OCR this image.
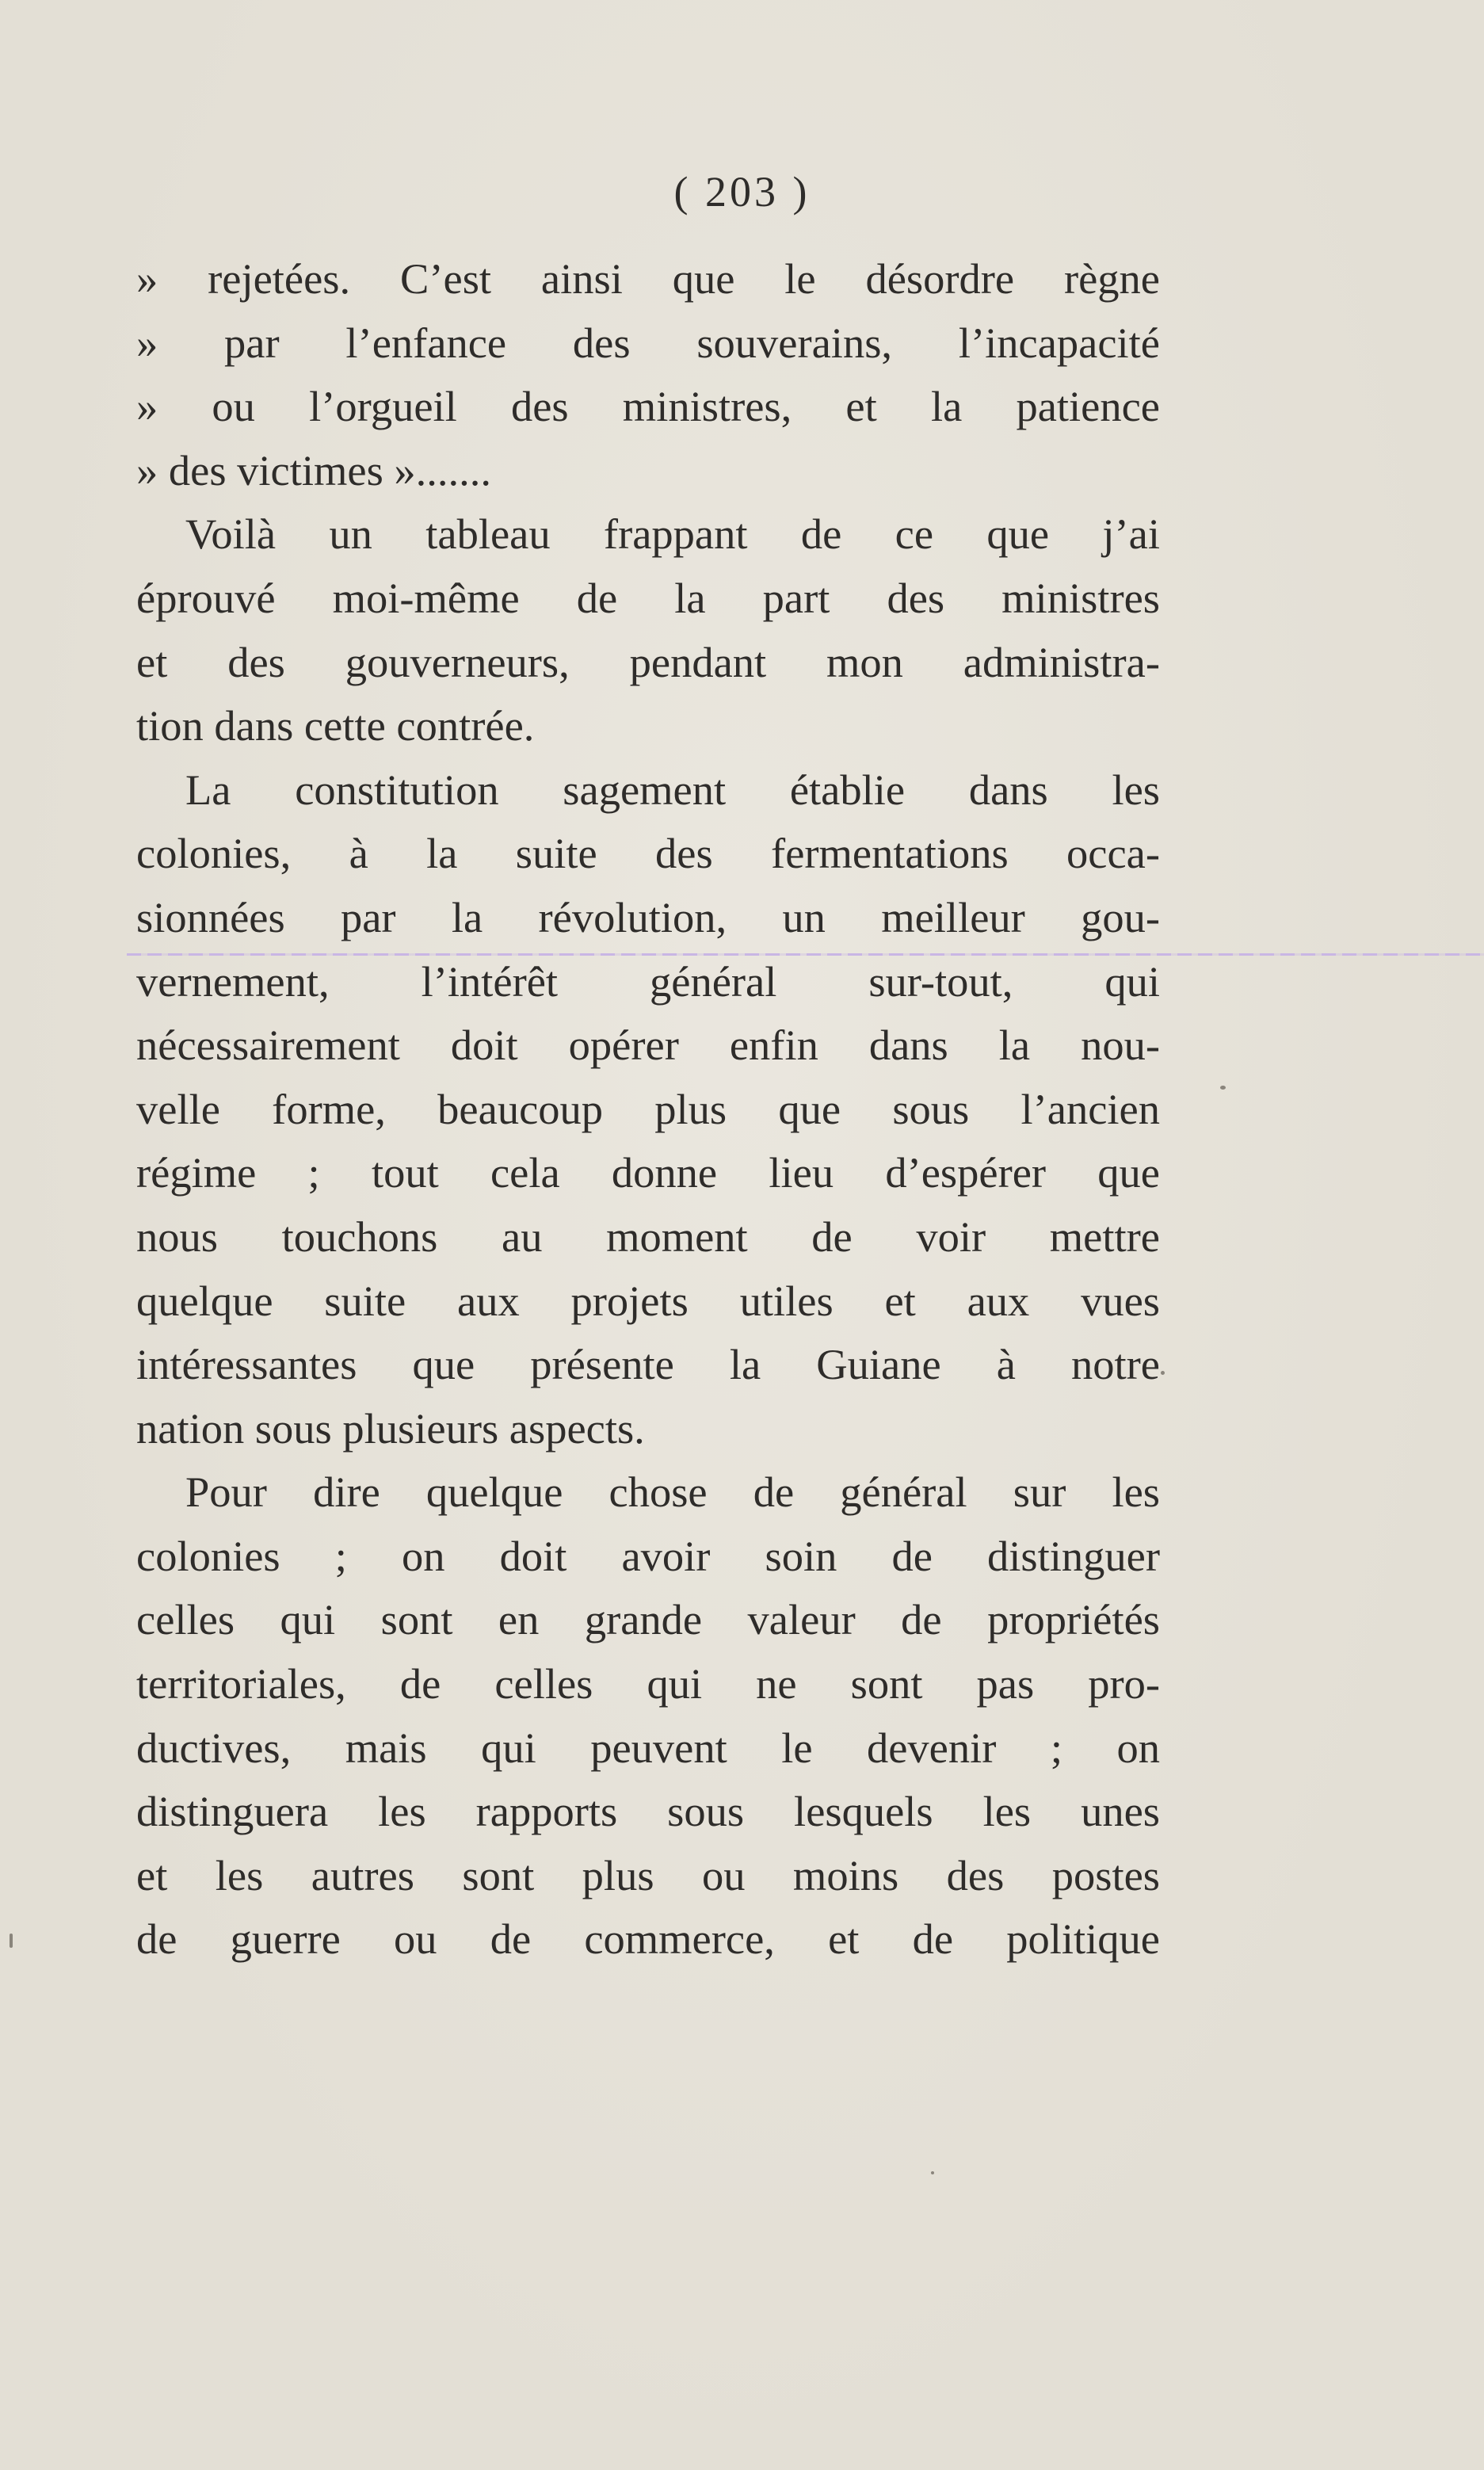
( 203 )
» rejetées. C’est ainsi que le désordre règne
» par l’enfance des souverains, l’incapacité
» ou l’orgueil des ministres, et la patience
» des victimes ».......
Voilà un tableau frappant de ce que j’ai
éprouvé moi-même de la part des ministres
et des gouverneurs, pendant mon administra-
tion dans cette contrée.
La constitution sagement établie dans les
colonies, à la suite des fermentations occa-
sionnées par la révolution, un meilleur gou-
vernement, l’intérêt général sur-tout, qui
nécessairement doit opérer enfin dans la nou-
velle forme, beaucoup plus que sous l’ancien
régime ; tout cela donne lieu d’espérer que
nous touchons au moment de voir mettre
quelque suite aux projets utiles et aux vues
intéressantes que présente la Guiane à notre
nation sous plusieurs aspects.
Pour dire quelque chose de général sur les
colonies ; on doit avoir soin de distinguer
celles qui sont en grande valeur de propriétés
territoriales, de celles qui ne sont pas pro-
ductives, mais qui peuvent le devenir ; on
distinguera les rapports sous lesquels les unes
et les autres sont plus ou moins des postes
de guerre ou de commerce, et de politique
